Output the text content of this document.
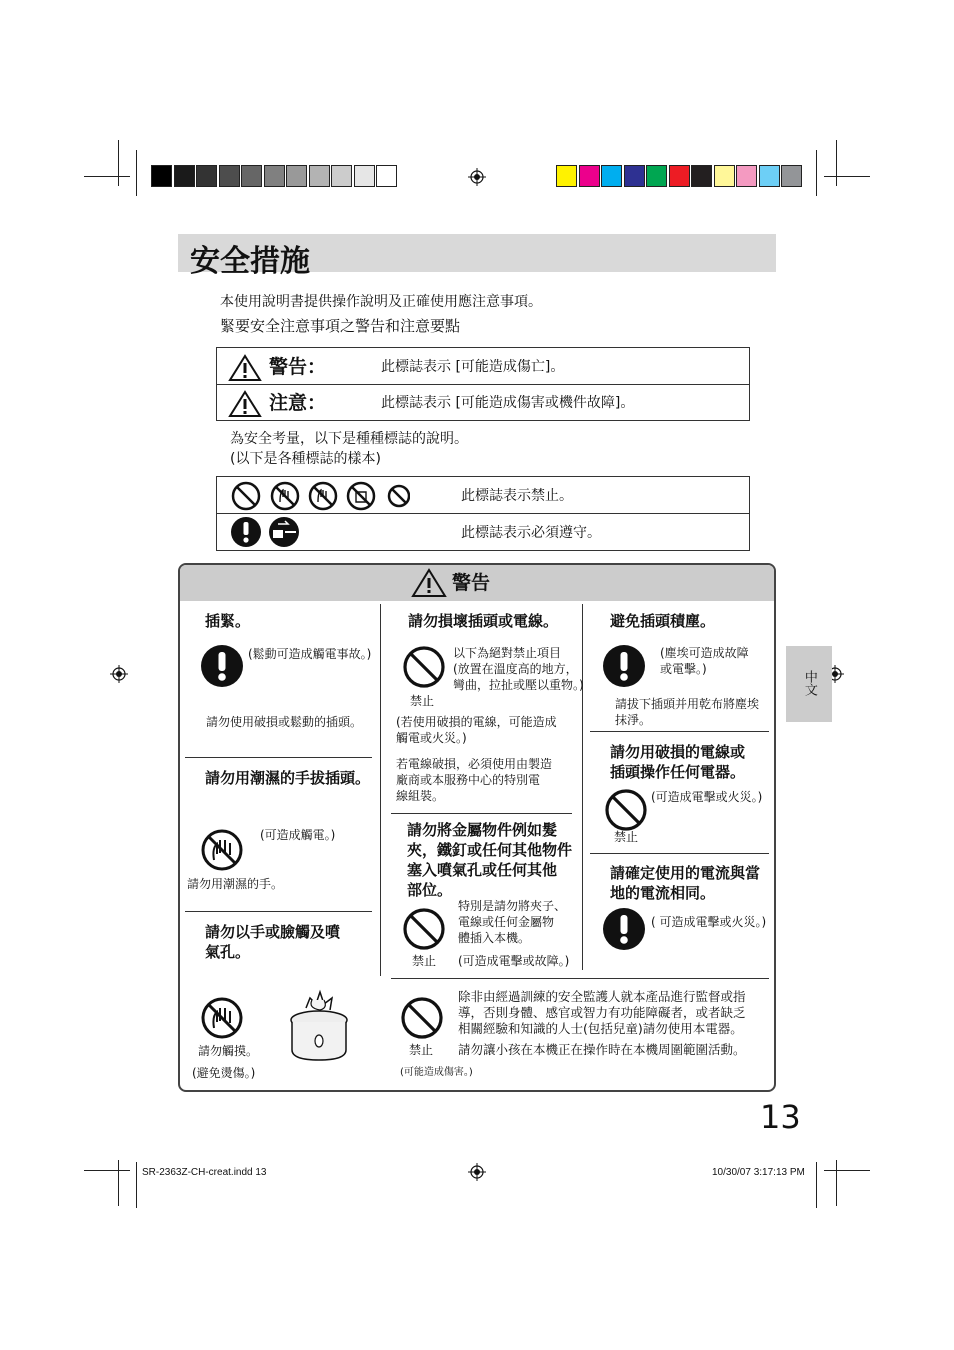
安全措施
本使用說明書提供操作說明及正確使用應注意事項。
緊要安全注意事項之警告和注意要點
警告：	此標誌表示 [可能造成傷亡]。
注意：	此標誌表示 [可能造成傷害或機件故障]。
為安全考量，以下是種種標誌的說明。
(以下是各種標誌的樣本)
此標誌表示禁止。
此標誌表示必須遵守。
警告
插緊。
(鬆動可造成觸電事故。)
請勿使用破損或鬆動的插頭。
請勿用潮濕的手拔插頭。
(可造成觸電。)
請勿用潮濕的手。
請勿以手或臉觸及噴
氣孔。
請勿觸摸。
(避免燙傷。)
請勿損壞插頭或電線。
禁止
以下為絕對禁止項目
(放置在溫度高的地方，
彎曲，拉扯或壓以重物。)
(若使用破損的電線，可能造成
觸電或火災。)
若電線破損，必須使用由製造
廠商或本服務中心的特別電
線組裝。
請勿將金屬物件例如髮
夾，鐵釘或任何其他物件
塞入噴氣孔或任何其他
部位。
特別是請勿將夾子、
電線或任何金屬物
體插入本機。
禁止 (可造成電擊或故障。)
避免插頭積塵。
(塵埃可造成故障
或電擊。)
請拔下插頭并用乾布將塵埃
抹淨。
請勿用破損的電線或
插頭操作任何電器。
(可造成電擊或火災。)
禁止
請確定使用的電流與當
地的電流相同。
( 可造成電擊或火災。)
禁止
除非由經過訓練的安全監護人就本產品進行監督或指
導，否則身體、感官或智力有功能障礙者，或者缺乏
相關經驗和知識的人士(包括兒童)請勿使用本電器。
請勿讓小孩在本機正在操作時在本機周圍範圍活動。
(可能造成傷害。)
中文
13
SR-2363Z-CH-creat.indd 13	10/30/07 3:17:13 PM
